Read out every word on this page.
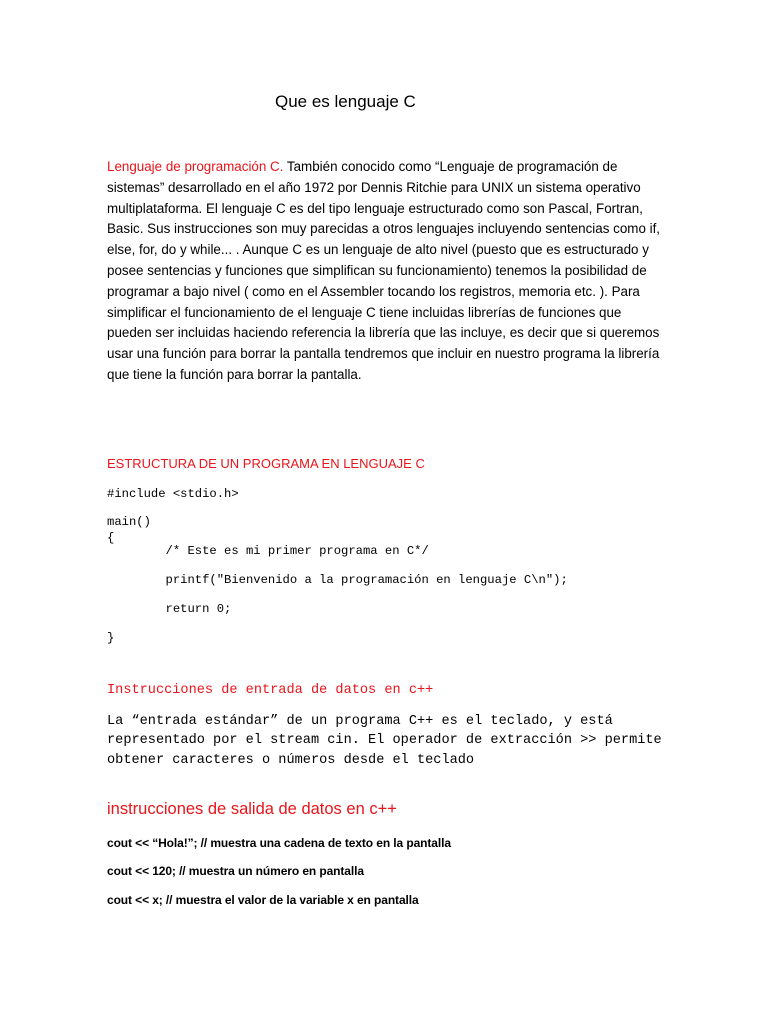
Que es lenguaje C
Lenguaje de programación C. También conocido como “Lenguaje de programación de sistemas” desarrollado en el año 1972 por Dennis Ritchie para UNIX un sistema operativo multiplataforma. El lenguaje C es del tipo lenguaje estructurado como son Pascal, Fortran, Basic. Sus instrucciones son muy parecidas a otros lenguajes incluyendo sentencias como if, else, for, do y while... . Aunque C es un lenguaje de alto nivel (puesto que es estructurado y posee sentencias y funciones que simplifican su funcionamiento) tenemos la posibilidad de programar a bajo nivel ( como en el Assembler tocando los registros, memoria etc. ). Para simplificar el funcionamiento de el lenguaje C tiene incluidas librerías de funciones que pueden ser incluidas haciendo referencia la librería que las incluye, es decir que si queremos usar una función para borrar la pantalla tendremos que incluir en nuestro programa la librería que tiene la función para borrar la pantalla.
ESTRUCTURA DE UN PROGRAMA EN LENGUAJE C
#include <stdio.h>
main()
{
/* Este es mi primer programa en C*/
printf("Bienvenido a la programación en lenguaje C\n");
return 0;
}
Instrucciones de entrada de datos en c++
La “entrada estándar” de un programa C++ es el teclado, y está representado por el stream cin. El operador de extracción >> permite obtener caracteres o números desde el teclado
instrucciones de salida de datos en c++
cout << “Hola!”; // muestra una cadena de texto en la pantalla
cout << 120; // muestra un número en pantalla
cout << x; // muestra el valor de la variable x en pantalla
